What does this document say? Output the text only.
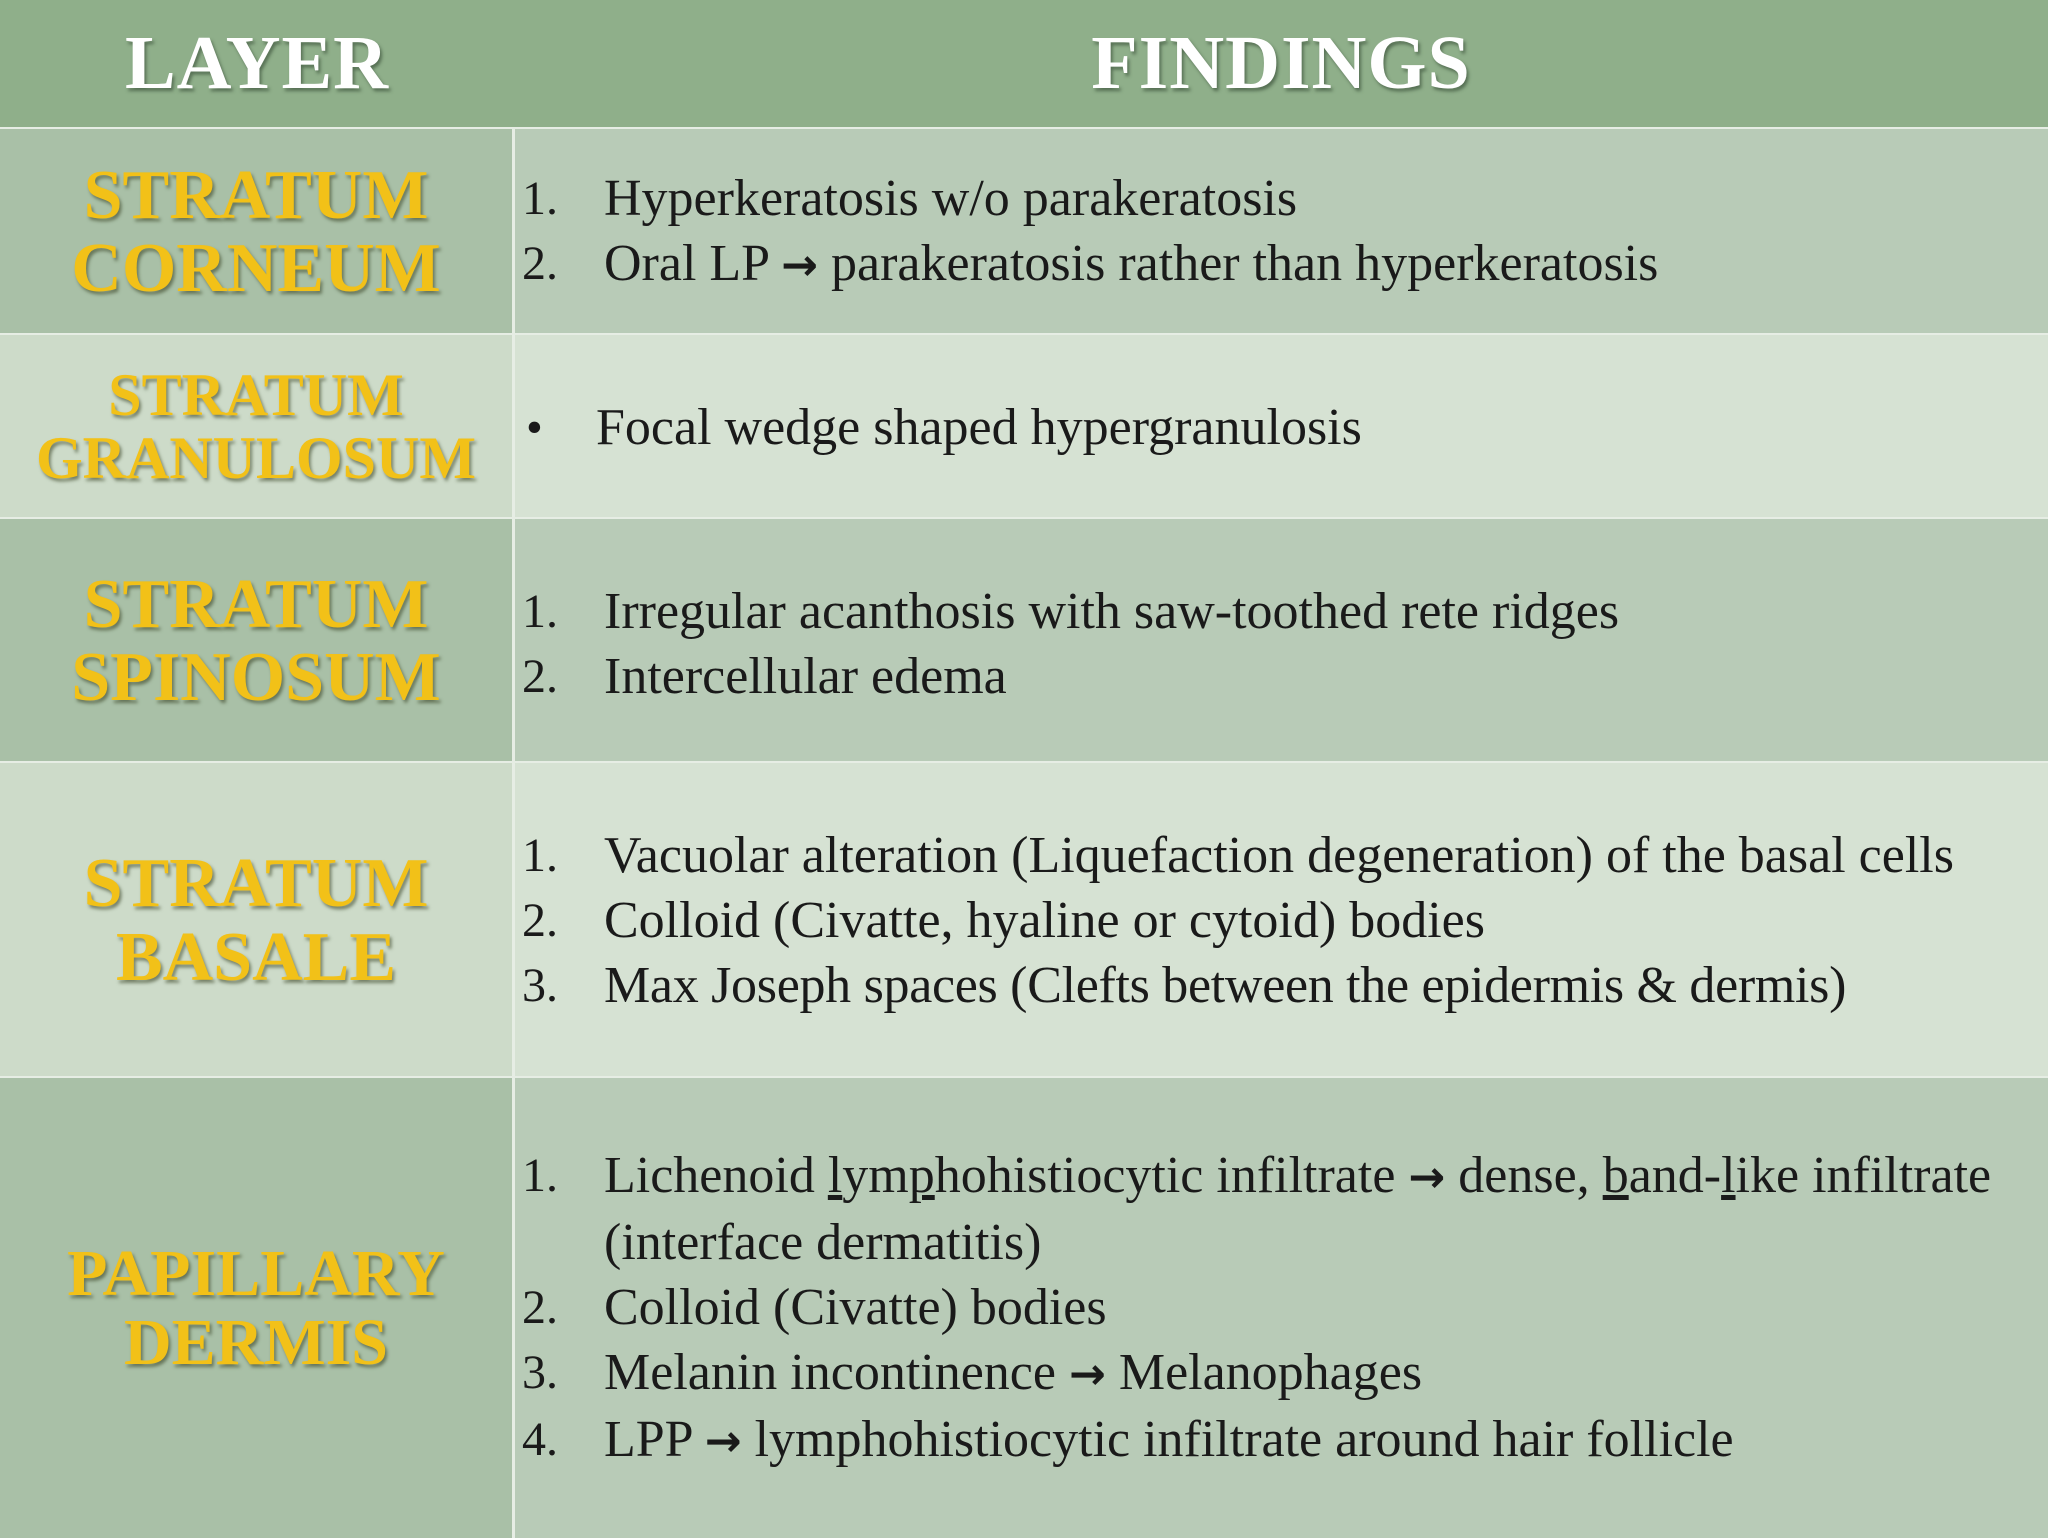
LAYER	FINDINGS
STRATUM
CORNEUM
1. Hyperkeratosis w/o parakeratosis
2. Oral LP → parakeratosis rather than hyperkeratosis
STRATUM
GRANULOSUM •	Focal wedge shaped hypergranulosis
STRATUM
SPINOSUM
1. Irregular acanthosis with saw-toothed rete ridges
2. Intercellular edema
STRATUM
BASALE
1. Vacuolar alteration (Liquefaction degeneration) of the basal cells
2. Colloid (Civatte, hyaline or cytoid) bodies
3. Max Joseph spaces (Clefts between the epidermis & dermis)
PAPILLARY
DERMIS
1. Lichenoid lymphohistiocytic infiltrate → dense, band-like infiltrate (interface dermatitis)
2. Colloid (Civatte) bodies
3. Melanin incontinence → Melanophages
4. LPP → lymphohistiocytic infiltrate around hair follicle
